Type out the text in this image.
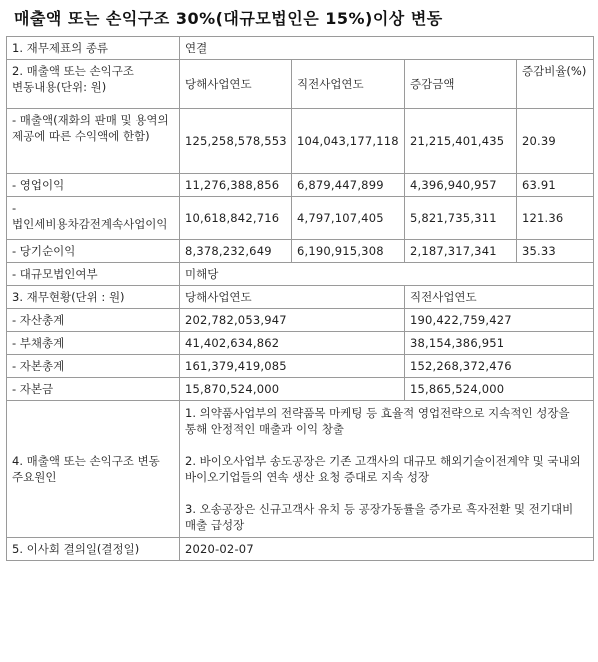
매출액 또는 손익구조 30%(대규모법인은 15%)이상 변동
1. 재무제표의 종류	연결			
2. 매출액 또는 손익구조 변동내용(단위: 원)	당해사업연도	직전사업연도	증감금액	증감비율(%)
- 매출액(재화의 판매 및 용역의 제공에 따른 수익액에 한함)	125,258,578,553	104,043,177,118	21,215,401,435	20.39
- 영업이익	11,276,388,856	6,879,447,899	4,396,940,957	63.91
- 법인세비용차감전계속사업이익	10,618,842,716	4,797,107,405	5,821,735,311	121.36
- 당기순이익	8,378,232,649	6,190,915,308	2,187,317,341	35.33
- 대규모법인여부	미해당			
3. 재무현황(단위 : 원)	당해사업연도		직전사업연도	
- 자산총계	202,782,053,947		190,422,759,427	
- 부채총계	41,402,634,862		38,154,386,951	
- 자본총계	161,379,419,085		152,268,372,476	
- 자본금	15,870,524,000		15,865,524,000	
4. 매출액 또는 손익구조 변동 주요원인	1. 의약품사업부의 전략품목 마케팅 등 효율적 영업전략으로 지속적인 성장을 통해 안정적인 매출과 이익 창출

2. 바이오사업부 송도공장은 기존 고객사의 대규모 해외기술이전계약 및 국내외 바이오기업들의 연속 생산 요청 증대로 지속 성장

3. 오송공장은 신규고객사 유치 등 공장가동률을 증가로 흑자전환 및 전기대비 매출 급성장			

5. 이사회 결의일(결정일)	2020-02-07			
